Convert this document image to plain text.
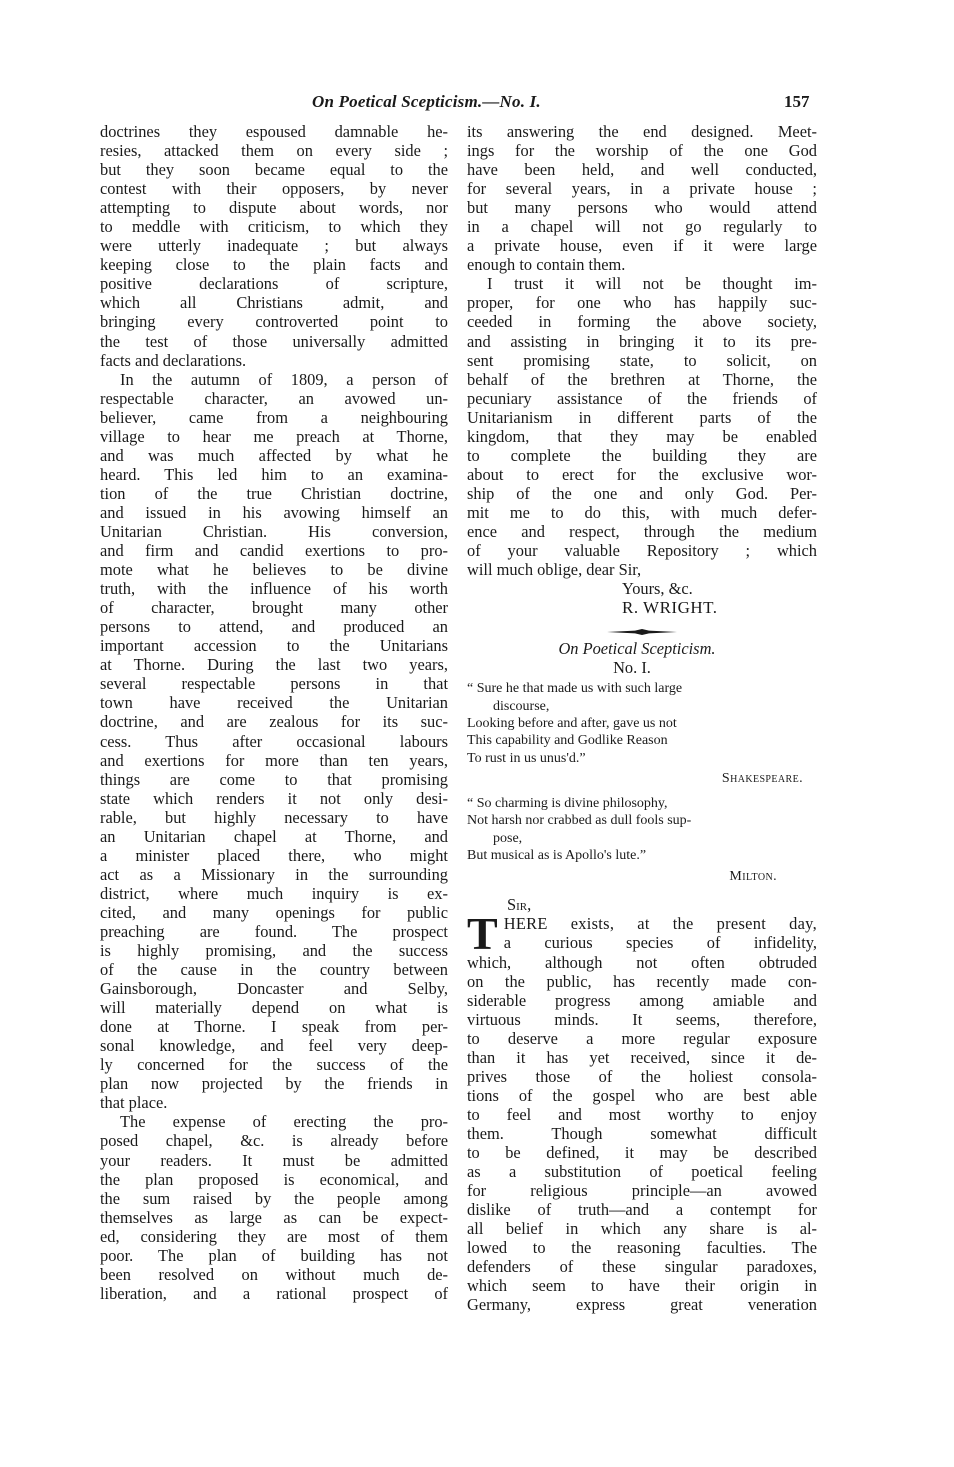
On Poetical Scepticism.—No. I.	157
doctrines they espoused damnable he-
resies, attacked them on every side ;
but they soon became equal to the
contest with their opposers, by never
attempting to dispute about words, nor
to meddle with criticism, to which they
were utterly inadequate ; but always
keeping close to the plain facts and
positive declarations of scripture,
which all Christians admit, and
bringing every controverted point to
the test of those universally admitted
facts and declarations.
In the autumn of 1809, a person of
respectable character, an avowed un-
believer, came from a neighbouring
village to hear me preach at Thorne,
and was much affected by what he
heard. This led him to an examina-
tion of the true Christian doctrine,
and issued in his avowing himself an
Unitarian Christian. His conversion,
and firm and candid exertions to pro-
mote what he believes to be divine
truth, with the influence of his worth
of character, brought many other
persons to attend, and produced an
important accession to the Unitarians
at Thorne. During the last two years,
several respectable persons in that
town have received the Unitarian
doctrine, and are zealous for its suc-
cess. Thus after occasional labours
and exertions for more than ten years,
things are come to that promising
state which renders it not only desi-
rable, but highly necessary to have
an Unitarian chapel at Thorne, and
a minister placed there, who might
act as a Missionary in the surrounding
district, where much inquiry is ex-
cited, and many openings for public
preaching are found. The prospect
is highly promising, and the success
of the cause in the country between
Gainsborough, Doncaster and Selby,
will materially depend on what is
done at Thorne. I speak from per-
sonal knowledge, and feel very deep-
ly concerned for the success of the
plan now projected by the friends in
that place.
The expense of erecting the pro-
posed chapel, &c. is already before
your readers. It must be admitted
the plan proposed is economical, and
the sum raised by the people among
themselves as large as can be expect-
ed, considering they are most of them
poor. The plan of building has not
been resolved on without much de-
liberation, and a rational prospect of
its answering the end designed. Meet-
ings for the worship of the one God
have been held, and well conducted,
for several years, in a private house ;
but many persons who would attend
in a chapel will not go regularly to
a private house, even if it were large
enough to contain them.
I trust it will not be thought im-
proper, for one who has happily suc-
ceeded in forming the above society,
and assisting in bringing it to its pre-
sent promising state, to solicit, on
behalf of the brethren at Thorne, the
pecuniary assistance of the friends of
Unitarianism in different parts of the
kingdom, that they may be enabled
to complete the building they are
about to erect for the exclusive wor-
ship of the one and only God. Per-
mit me to do this, with much defer-
ence and respect, through the medium
of your valuable Repository ; which
will much oblige, dear Sir,
Yours, &c.
R. WRIGHT.
On Poetical Scepticism.
No. I.
“ Sure he that made us with such large
discourse,
Looking before and after, gave us not
This capability and Godlike Reason
To rust in us unus'd.”
Shakespeare.
“ So charming is divine philosophy,
Not harsh nor crabbed as dull fools sup-
pose,
But musical as is Apollo's lute.”
Milton.
Sir,
T HERE exists, at the present day,
a curious species of infidelity,
which, although not often obtruded
on the public, has recently made con-
siderable progress among amiable and
virtuous minds. It seems, therefore,
to deserve a more regular exposure
than it has yet received, since it de-
prives those of the holiest consola-
tions of the gospel who are best able
to feel and most worthy to enjoy
them. Though somewhat difficult
to be defined, it may be described
as a substitution of poetical feeling
for religious principle—an avowed
dislike of truth—and a contempt for
all belief in which any share is al-
lowed to the reasoning faculties. The
defenders of these singular paradoxes,
which seem to have their origin in
Germany, express great veneration
